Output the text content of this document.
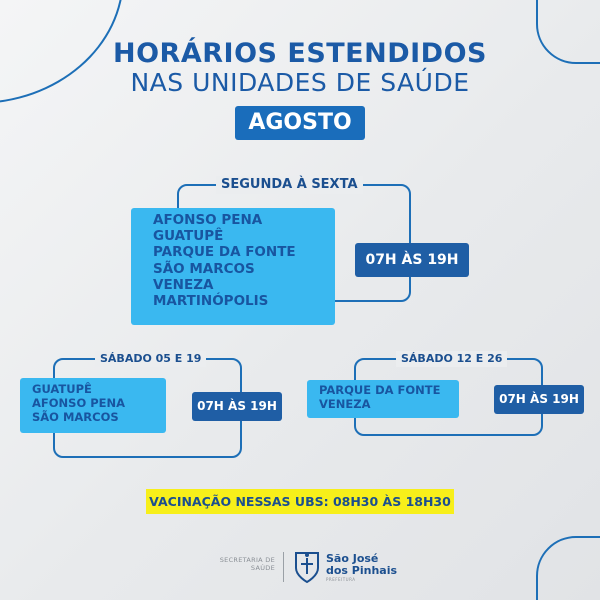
HORÁRIOS ESTENDIDOS
NAS UNIDADES DE SAÚDE
AGOSTO
SEGUNDA À SEXTA
AFONSO PENA
GUATUPÊ
PARQUE DA FONTE
SÃO MARCOS
VENEZA
MARTINÓPOLIS
07H ÀS 19H
SÁBADO 05 E 19
GUATUPÊ
AFONSO PENA
SÃO MARCOS
07H ÀS 19H
SÁBADO 12 E 26
PARQUE DA FONTE
VENEZA	07H ÀS 19H
VACINAÇÃO NESSAS UBS: 08H30 ÀS 18H30
SECRETARIA DE
SAÚDE
São José
dos Pinhais
PREFEITURA
